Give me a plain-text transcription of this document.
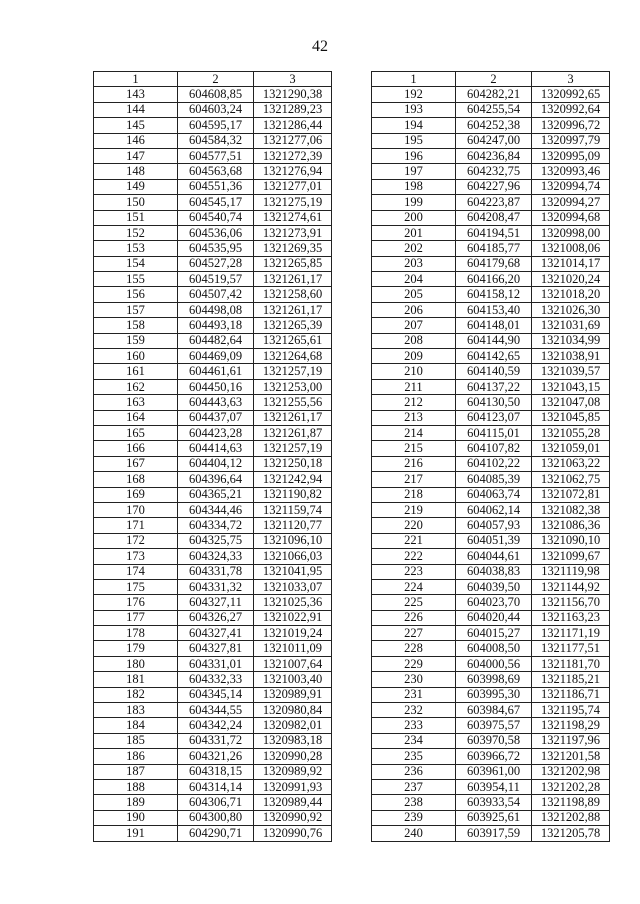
42
1	2	3
143	604608,85	1321290,38
144	604603,24	1321289,23
145	604595,17	1321286,44
146	604584,32	1321277,06
147	604577,51	1321272,39
148	604563,68	1321276,94
149	604551,36	1321277,01
150	604545,17	1321275,19
151	604540,74	1321274,61
152	604536,06	1321273,91
153	604535,95	1321269,35
154	604527,28	1321265,85
155	604519,57	1321261,17
156	604507,42	1321258,60
157	604498,08	1321261,17
158	604493,18	1321265,39
159	604482,64	1321265,61
160	604469,09	1321264,68
161	604461,61	1321257,19
162	604450,16	1321253,00
163	604443,63	1321255,56
164	604437,07	1321261,17
165	604423,28	1321261,87
166	604414,63	1321257,19
167	604404,12	1321250,18
168	604396,64	1321242,94
169	604365,21	1321190,82
170	604344,46	1321159,74
171	604334,72	1321120,77
172	604325,75	1321096,10
173	604324,33	1321066,03
174	604331,78	1321041,95
175	604331,32	1321033,07
176	604327,11	1321025,36
177	604326,27	1321022,91
178	604327,41	1321019,24
179	604327,81	1321011,09
180	604331,01	1321007,64
181	604332,33	1321003,40
182	604345,14	1320989,91
183	604344,55	1320980,84
184	604342,24	1320982,01
185	604331,72	1320983,18
186	604321,26	1320990,28
187	604318,15	1320989,92
188	604314,14	1320991,93
189	604306,71	1320989,44
190	604300,80	1320990,92
191	604290,71	1320990,76
1	2	3
192	604282,21	1320992,65
193	604255,54	1320992,64
194	604252,38	1320996,72
195	604247,00	1320997,79
196	604236,84	1320995,09
197	604232,75	1320993,46
198	604227,96	1320994,74
199	604223,87	1320994,27
200	604208,47	1320994,68
201	604194,51	1320998,00
202	604185,77	1321008,06
203	604179,68	1321014,17
204	604166,20	1321020,24
205	604158,12	1321018,20
206	604153,40	1321026,30
207	604148,01	1321031,69
208	604144,90	1321034,99
209	604142,65	1321038,91
210	604140,59	1321039,57
211	604137,22	1321043,15
212	604130,50	1321047,08
213	604123,07	1321045,85
214	604115,01	1321055,28
215	604107,82	1321059,01
216	604102,22	1321063,22
217	604085,39	1321062,75
218	604063,74	1321072,81
219	604062,14	1321082,38
220	604057,93	1321086,36
221	604051,39	1321090,10
222	604044,61	1321099,67
223	604038,83	1321119,98
224	604039,50	1321144,92
225	604023,70	1321156,70
226	604020,44	1321163,23
227	604015,27	1321171,19
228	604008,50	1321177,51
229	604000,56	1321181,70
230	603998,69	1321185,21
231	603995,30	1321186,71
232	603984,67	1321195,74
233	603975,57	1321198,29
234	603970,58	1321197,96
235	603966,72	1321201,58
236	603961,00	1321202,98
237	603954,11	1321202,28
238	603933,54	1321198,89
239	603925,61	1321202,88
240	603917,59	1321205,78
